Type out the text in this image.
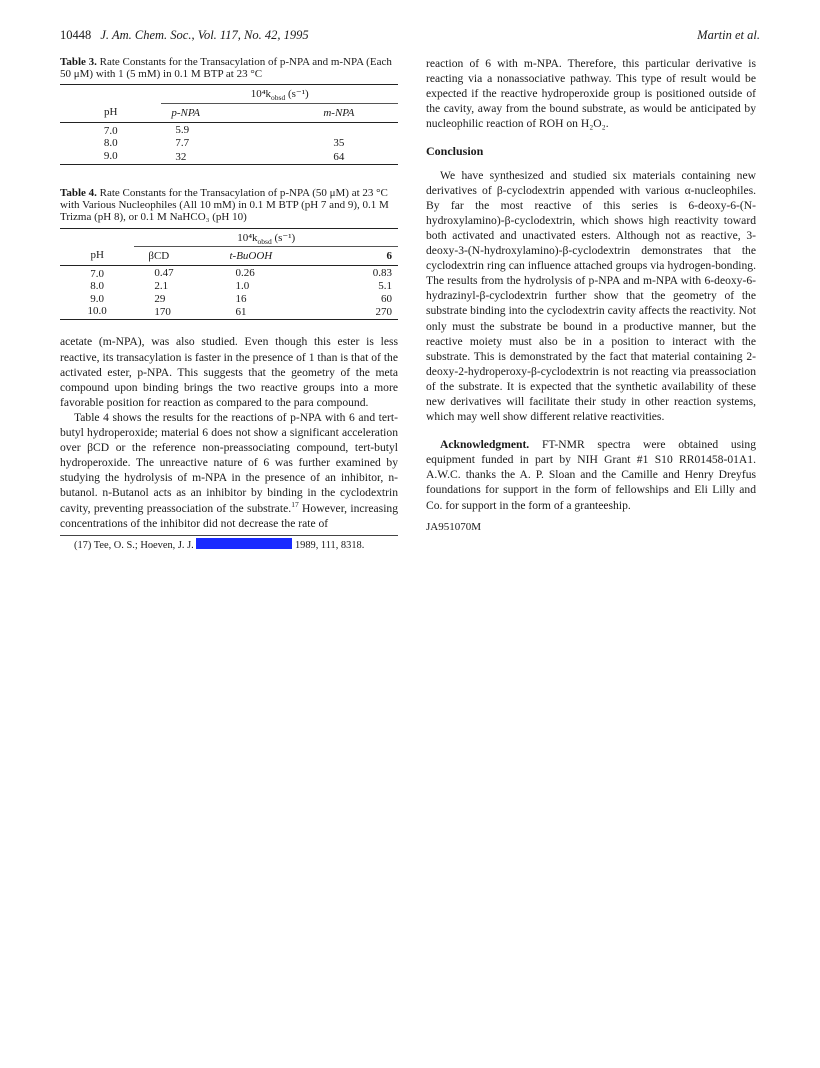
10448 J. Am. Chem. Soc., Vol. 117, No. 42, 1995	Martin et al.
Table 3. Rate Constants for the Transacylation of p-NPA and m-NPA (Each 50 μM) with 1 (5 mM) in 0.1 M BTP at 23 °C
	$10^4k_{obsd}$ (s⁻¹)	
pH	p-NPA	m-NPA
7.0	5.9	
8.0	7.7	35
9.0	32	64
Table 4. Rate Constants for the Transacylation of p-NPA (50 μM) at 23 °C with Various Nucleophiles (All 10 mM) in 0.1 M BTP (pH 7 and 9), 0.1 M Trizma (pH 8), or 0.1 M NaHCO₃ (pH 10)
	$10^4k_{obsd}$ (s⁻¹)		
pH	βCD	t-BuOOH	6
7.0	0.47	0.26	0.83
8.0	2.1	1.0	5.1
9.0	29	16	60
10.0	170	61	270

acetate (m-NPA), was also studied. Even though this ester is less reactive, its transacylation is faster in the presence of 1 than is that of the activated ester, p-NPA. This suggests that the geometry of the meta compound upon binding brings the two reactive groups into a more favorable position for reaction as compared to the para compound.

Table 4 shows the results for the reactions of p-NPA with 6 and tert-butyl hydroperoxide; material 6 does not show a significant acceleration over βCD or the reference non-preassociating compound, tert-butyl hydroperoxide. The unreactive nature of 6 was further examined by studying the hydrolysis of m-NPA in the presence of an inhibitor, n-butanol. n-Butanol acts as an inhibitor by binding in the cyclodextrin cavity, preventing preassociation of the substrate.$^{17}$ However, increasing concentrations of the inhibitor did not decrease the rate of

(17) Tee, O. S.; Hoeven, J. J.	1989, 111, 8318.

reaction of 6 with m-NPA. Therefore, this particular derivative is reacting via a nonassociative pathway. This type of result would be expected if the reactive hydroperoxide group is positioned outside of the cavity, away from the bound substrate, as would be anticipated by nucleophilic reaction of ROH on H₂O₂.

Conclusion

We have synthesized and studied six materials containing new derivatives of β-cyclodextrin appended with various α-nucleophiles. By far the most reactive of this series is 6-deoxy-6-(N-hydroxylamino)-β-cyclodextrin, which shows high reactivity toward both activated and unactivated esters. Although not as reactive, 3-deoxy-3-(N-hydroxylamino)-β-cyclodextrin demonstrates that the cyclodextrin ring can influence attached groups via hydrogen-bonding. The results from the hydrolysis of p-NPA and m-NPA with 6-deoxy-6-hydrazinyl-β-cyclodextrin further show that the geometry of the substrate binding into the cyclodextrin cavity affects the reactivity. Not only must the substrate be bound in a productive manner, but the reactive moiety must also be in a position to interact with the substrate. This is demonstrated by the fact that material containing 2-deoxy-2-hydroperoxy-β-cyclodextrin is not reacting via preassociation of the substrate. It is expected that the synthetic availability of these new derivatives will facilitate their study in other reaction systems, which may well show different relative reactivities.

Acknowledgment. FT-NMR spectra were obtained using equipment funded in part by NIH Grant #1 S10 RR01458-01A1. A.W.C. thanks the A. P. Sloan and the Camille and Henry Dreyfus foundations for support in the form of fellowships and Eli Lilly and Co. for support in the form of a granteeship.

JA951070M
